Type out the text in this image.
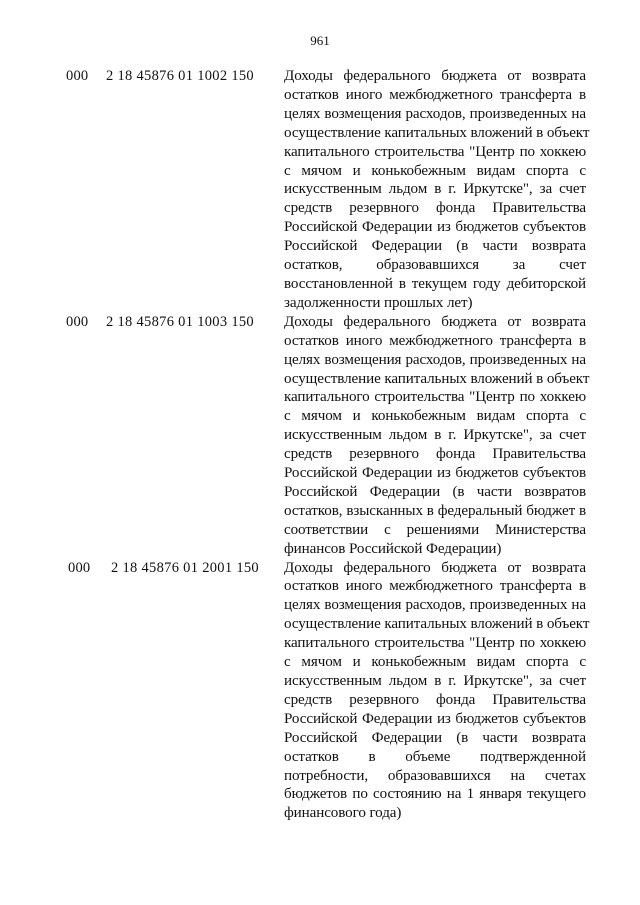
961
000 2 18 45876 01 1002 150 Доходы федерального бюджета от возврата
остатков иного межбюджетного трансферта в
целях возмещения расходов, произведенных на
осуществление капитальных вложений в объект
капитального строительства "Центр по хоккею
с мячом и конькобежным видам спорта с
искусственным льдом в г. Иркутске", за счет
средств резервного фонда Правительства
Российской Федерации из бюджетов субъектов
Российской Федерации (в части возврата
остатков, образовавшихся за счет
восстановленной в текущем году дебиторской
задолженности прошлых лет)
000 2 18 45876 01 1003 150 Доходы федерального бюджета от возврата
остатков иного межбюджетного трансферта в
целях возмещения расходов, произведенных на
осуществление капитальных вложений в объект
капитального строительства "Центр по хоккею
с мячом и конькобежным видам спорта с
искусственным льдом в г. Иркутске", за счет
средств резервного фонда Правительства
Российской Федерации из бюджетов субъектов
Российской Федерации (в части возвратов
остатков, взысканных в федеральный бюджет в
соответствии с решениями Министерства
финансов Российской Федерации)
000 2 18 45876 01 2001 150 Доходы федерального бюджета от возврата
остатков иного межбюджетного трансферта в
целях возмещения расходов, произведенных на
осуществление капитальных вложений в объект
капитального строительства "Центр по хоккею
с мячом и конькобежным видам спорта с
искусственным льдом в г. Иркутске", за счет
средств резервного фонда Правительства
Российской Федерации из бюджетов субъектов
Российской Федерации (в части возврата
остатков в объеме подтвержденной
потребности, образовавшихся на счетах
бюджетов по состоянию на 1 января текущего
финансового года)
